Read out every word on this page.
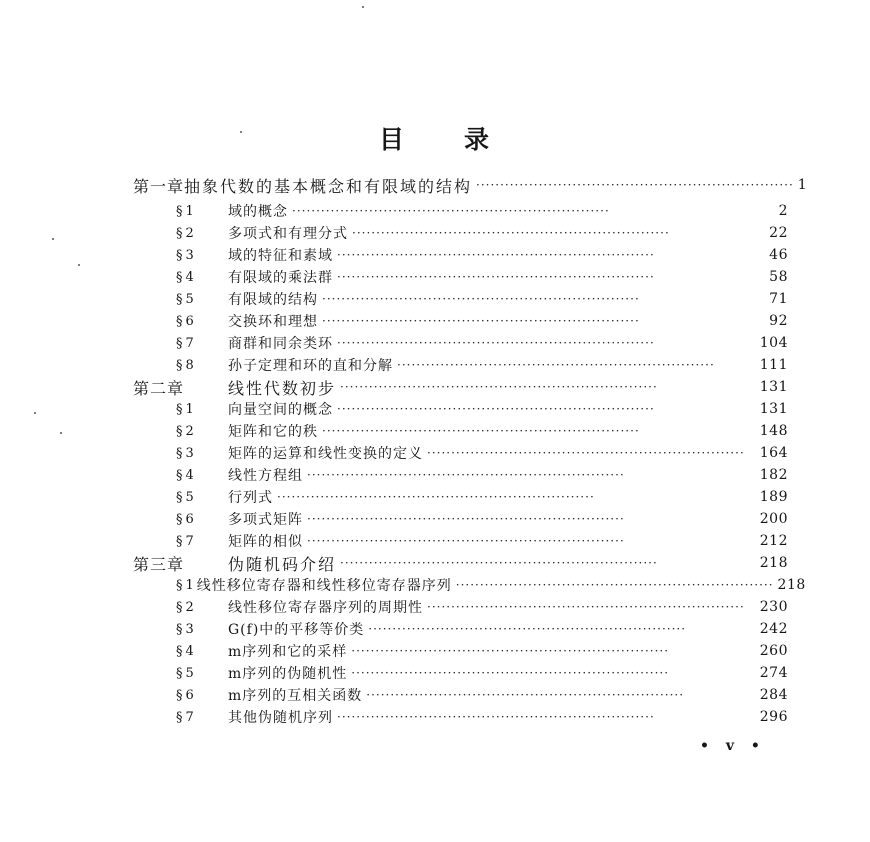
目 录
第一章 抽象代数的基本概念和有限域的结构 ·································································· 1
§1	域的概念 ··································································	2
§2	多项式和有理分式 ··································································	22
§3	域的特征和素域 ··································································	46
§4	有限域的乘法群 ··································································	58
§5	有限域的结构 ··································································	71
§6	交换环和理想 ··································································	92
§7	商群和同余类环 ··································································	104
§8	孙子定理和环的直和分解 ··································································	111
第二章	线性代数初步 ··································································	131
§1	向量空间的概念 ··································································	131
§2	矩阵和它的秩 ··································································	148
§3	矩阵的运算和线性变换的定义 ··································································	164
§4	线性方程组 ··································································	182
§5	行列式 ··································································	189
§6	多项式矩阵 ··································································	200
§7	矩阵的相似 ··································································	212
第三章	伪随机码介绍 ··································································	218
§1 线性移位寄存器和线性移位寄存器序列 ·································································· 218
§2	线性移位寄存器序列的周期性 ··································································	230
§3	G(f)中的平移等价类 ··································································	242
§4	m序列和它的采样 ··································································	260
§5	m序列的伪随机性 ··································································	274
§6	m序列的互相关函数 ··································································	284
§7	其他伪随机序列 ··································································	296
• v •
